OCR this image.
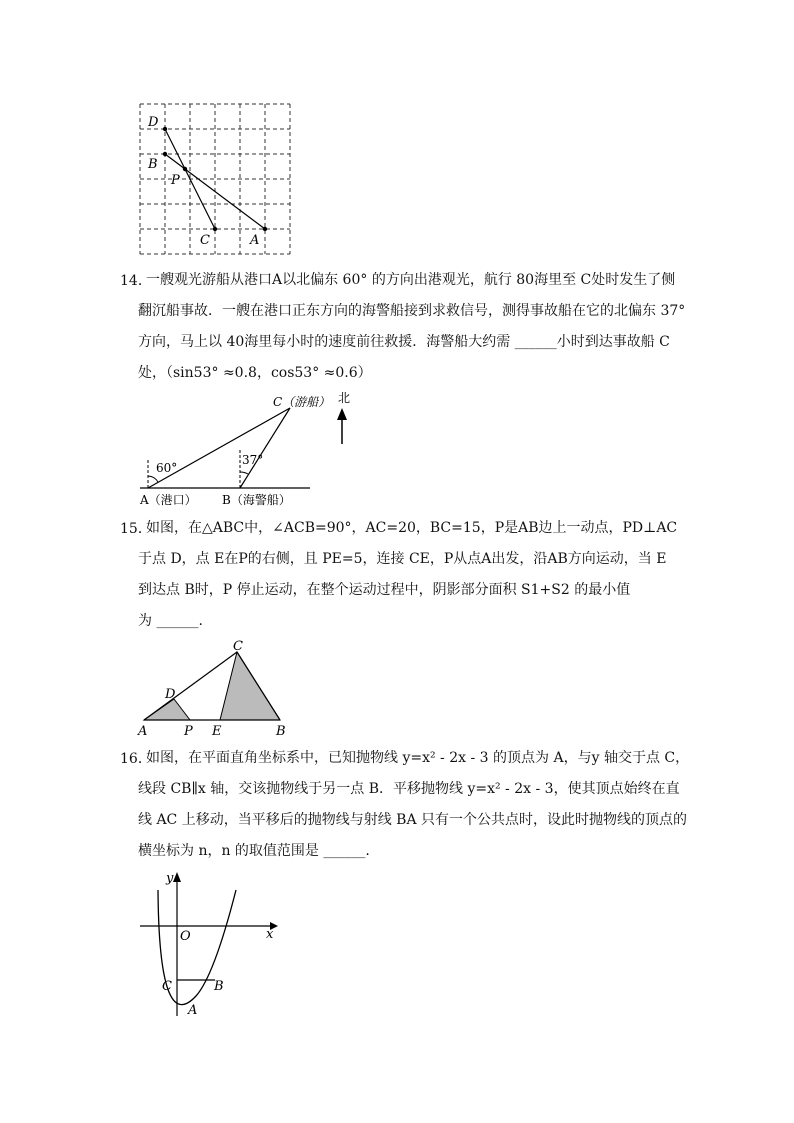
D
B
P
C	A
14．
一艘观光游船从港口A以北偏东 60° 的方向出港观光，航行 80海里至 C处时发生了侧
翻沉船事故．一艘在港口正东方向的海警船接到求救信号，测得事故船在它的北偏东 37°
方向，马上以 40海里每小时的速度前往救援．海警船大约需 ______小时到达事故船 C
处，（sin53° ≈0.8，cos53° ≈0.6）
北
C（游船）
60°
37°
A（港口） B（海警船）
15．
如图，在△ABC中，∠ACB=90°，AC=20，BC=15，P是AB边上一动点，PD⊥AC
于点 D，点 E在P的右侧，且 PE=5，连接 CE，P从点A出发，沿AB方向运动，当 E
到达点 B时，P 停止运动，在整个运动过程中，阴影部分面积 S1+S2 的最小值
为 ______.
C
D
A	P E	B
16．
如图，在平面直角坐标系中，已知抛物线 y=x² - 2x - 3 的顶点为 A，与y 轴交于点 C，
线段 CB∥x 轴，交该抛物线于另一点 B．平移抛物线 y=x² - 2x - 3，使其顶点始终在直
线 AC 上移动，当平移后的抛物线与射线 BA 只有一个公共点时，设此时抛物线的顶点的
横坐标为 n，n 的取值范围是 ______.
y
x
O
C	B
A
